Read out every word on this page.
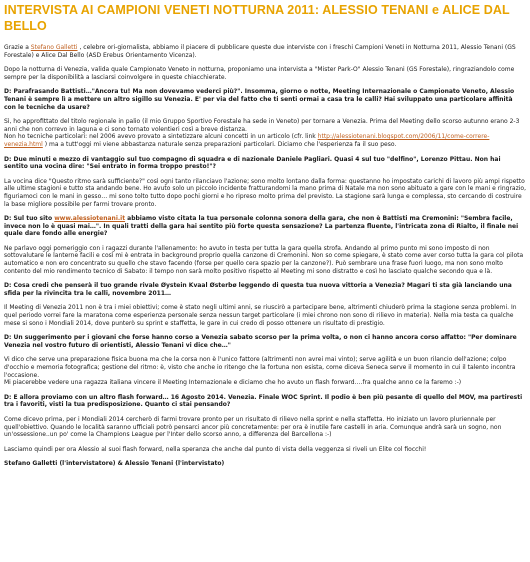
INTERVISTA AI CAMPIONI VENETI NOTTURNA 2011: ALESSIO TENANI e ALICE DAL BELLO

Grazie a Stefano Galletti , celebre ori-giornalista, abbiamo il piacere di pubblicare queste due interviste con i freschi Campioni Veneti in Notturna 2011, Alessio Tenani (GS Forestale) e Alice Dal Bello (ASD Erebus Orientamento Vicenza).

Dopo la notturna di Venezia, valida quale Campionato Veneto in notturna, proponiamo una intervista a "Mister Park-O" Alessio Tenani (GS Forestale), ringraziandolo come sempre per la disponibilità a lasciarsi coinvolgere in queste chiacchierate.

D: Parafrasando Battisti…"Ancora tu! Ma non dovevamo vederci più?". Insomma, giorno o notte, Meeting Internazionale o Campionato Veneto, Alessio Tenani è sempre lì a mettere un altro sigillo su Venezia. E' per via del fatto che ti senti ormai a casa tra le calli? Hai sviluppato una particolare affinità con le tecniche da usare?

Sì, ho approfittato del titolo regionale in palio (il mio Gruppo Sportivo Forestale ha sede in Veneto) per tornare a Venezia. Prima del Meeting dello scorso autunno erano 2-3 anni che non correvo in laguna e ci sono tornato volentieri così a breve distanza.
Non ho tecniche particolari: nel 2006 avevo provato a sintetizzare alcuni concetti in un articolo (cfr. link http://alessiotenani.blogspot.com/2006/11/come-correre-venezia.html ) ma a tutt'oggi mi viene abbastanza naturale senza preparazioni particolari. Diciamo che l'esperienza fa il suo peso.

D: Due minuti e mezzo di vantaggio sul tuo compagno di squadra e di nazionale Daniele Pagliari. Quasi 4 sul tuo "delfino", Lorenzo Pittau. Non hai sentito una vocina dire: "Sei entrato in forma troppo presto!"?

La vocina dice "Questo ritmo sarà sufficiente?" così ogni tanto rilanciavo l'azione; sono molto lontano dalla forma: questanno ho impostato carichi di lavoro più ampi rispetto alle ultime stagioni e tutto sta andando bene. Ho avuto solo un piccolo incidente fratturandomi la mano prima di Natale ma non sono abituato a gare con le mani e ringrazio, figuriamoci con le mani in gesso… mi sono tolto tutto dopo pochi giorni e ho ripreso molto prima del previsto. La stagione sarà lunga e complessa, sto cercando di costruire la base migliore possibile per farmi trovare pronto.

D: Sul tuo sito www.alessiotenani.it abbiamo visto citata la tua personale colonna sonora della gara, che non è Battisti ma Cremonini: "Sembra facile, invece non lo è quasi mai…". In quali tratti della gara hai sentito più forte questa sensazione? La partenza fluente, l'intricata zona di Rialto, il finale nei quale dare fondo alle energie?

Ne parlavo oggi pomeriggio con i ragazzi durante l'allenamento: ho avuto in testa per tutta la gara quella strofa. Andando al primo punto mi sono imposto di non sottovalutare le lanterne facili e così mi è entrata in background proprio quella canzone di Cremonini. Non so come spiegare, è stato come aver corso tutta la gara col pilota automatico e non ero concentrato su quello che stavo facendo (forse per quello cera spazio per la canzone?). Può sembrare una frase fuori luogo, ma non sono molto contento del mio rendimento tecnico di Sabato: il tempo non sarà molto positivo rispetto al Meeting mi sono distratto e così ho lasciato qualche secondo qua e là.

D: Cosa credi che penserà il tuo grande rivale Øystein Kvaal Østerbø leggendo di questa tua nuova vittoria a Venezia? Magari ti sta già lanciando una sfida per la rivincita tra le calli, novembre 2011…

Il Meeting di Venezia 2011 non è tra i miei obiettivi; come è stato negli ultimi anni, se riuscirò a partecipare bene, altrimenti chiuderò prima la stagione senza problemi. In quel periodo vorrei fare la maratona come esperienza personale senza nessun target particolare (i miei chrono non sono di rilievo in materia). Nella mia testa ca qualche mese si sono i Mondiali 2014, dove punterò su sprint e staffetta, le gare in cui credo di posso ottenere un risultato di prestigio.

D: Un suggerimento per i giovani che forse hanno corso a Venezia sabato scorso per la prima volta, o non ci hanno ancora corso affatto: "Per dominare Venezia nel vostro futuro di orientisti, Alessio Tenani vi dice che…"

Vi dico che serve una preparazione fisica buona ma che la corsa non è l'unico fattore (altrimenti non avrei mai vinto); serve agilità e un buon rilancio dell'azione; colpo d'occhio e memoria fotografica; gestione del ritmo: è, visto che anche io ritengo che la fortuna non esista, come diceva Seneca serve il momento in cui il talento incontra l'occasione.
Mi piacerebbe vedere una ragazza italiana vincere il Meeting Internazionale e diciamo che ho avuto un flash forward….fra qualche anno ce la faremo :-)

D: E allora proviamo con un altro flash forward… 16 Agosto 2014. Venezia. Finale WOC Sprint. Il podio è ben più pesante di quello del MOV, ma partiresti tra i favoriti, visti la tua predisposizione. Quanto ci stai pensando?

Come dicevo prima, per i Mondiali 2014 cercherò di farmi trovare pronto per un risultato di rilievo nella sprint e nella staffetta. Ho iniziato un lavoro pluriennale per quell'obiettivo. Quando le località saranno ufficiali potrò pensarci ancor più concretamente: per ora è inutile fare castelli in aria. Comunque andrà sarà un sogno, non un'ossessione..un po' come la Champions League per l'Inter dello scorso anno, a differenza del Barcellona :-)

Lasciamo quindi per ora Alessio al suoi flash forward, nella speranza che anche dal punto di vista della veggenza si riveli un Elite col fiocchi!

Stefano Galletti (l'intervistatore) & Alessio Tenani (l'intervistato)
